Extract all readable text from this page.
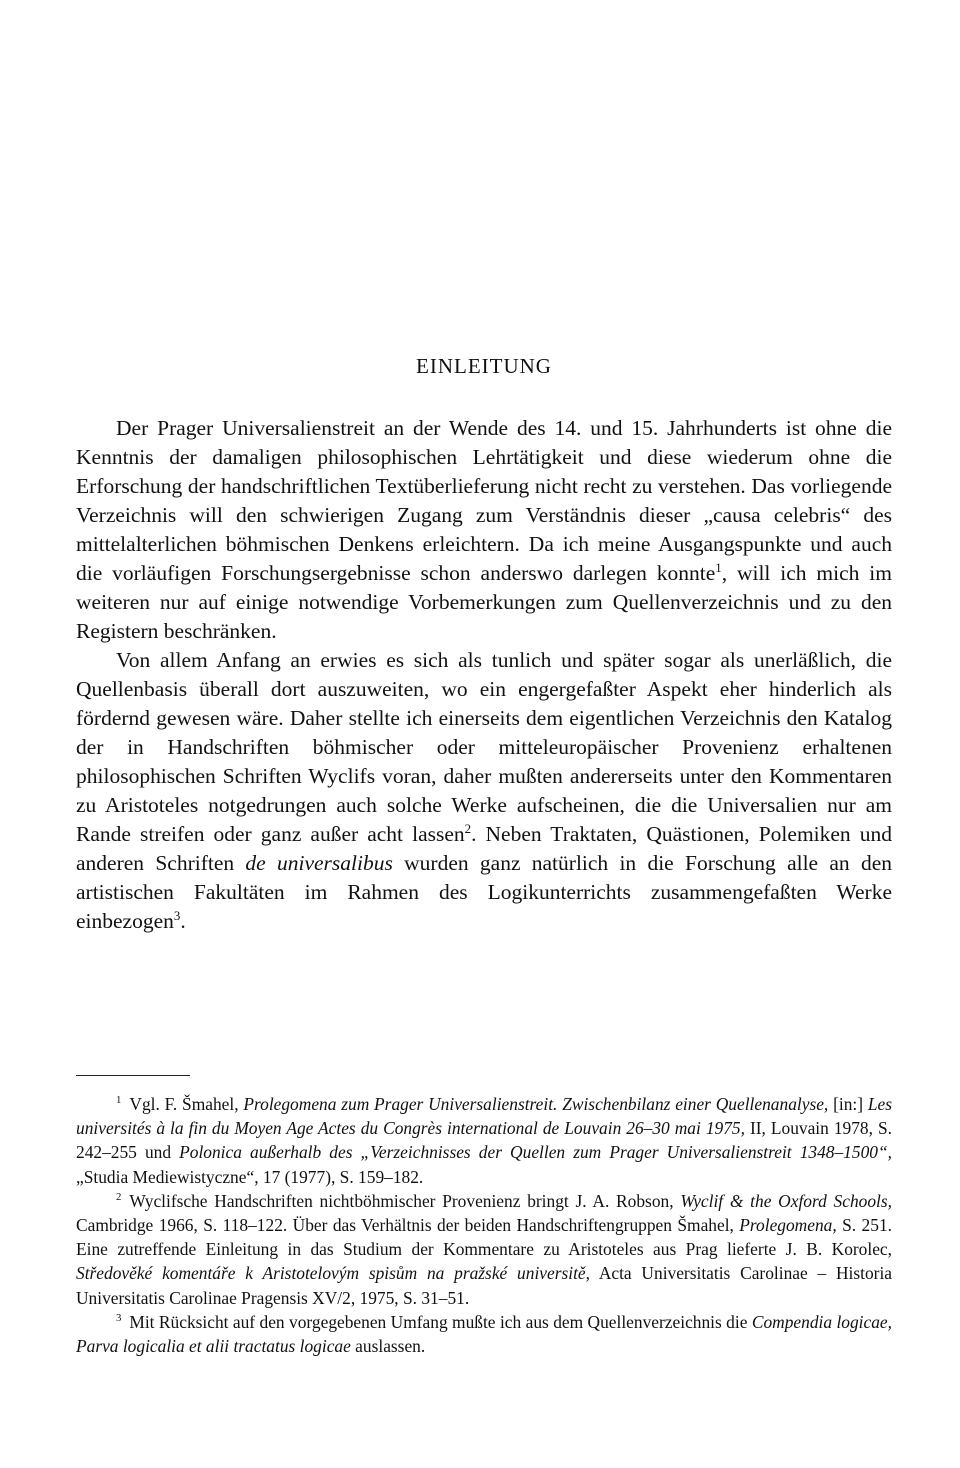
EINLEITUNG

Der Prager Universalienstreit an der Wende des 14. und 15. Jahrhunderts ist ohne die Kenntnis der damaligen philosophischen Lehrtätigkeit und diese wiederum ohne die Erforschung der handschriftlichen Textüberlieferung nicht recht zu verstehen. Das vorliegende Verzeichnis will den schwierigen Zugang zum Verständnis dieser „causa celebris“ des mittelalterlichen böhmischen Denkens erleichtern. Da ich meine Ausgangspunkte und auch die vorläufigen Forschungsergebnisse schon anderswo darlegen konnte$^1$, will ich mich im weiteren nur auf einige notwendige Vorbemerkungen zum Quellenverzeichnis und zu den Registern beschränken.

Von allem Anfang an erwies es sich als tunlich und später sogar als unerläßlich, die Quellenbasis überall dort auszuweiten, wo ein engergefaßter Aspekt eher hinderlich als fördernd gewesen wäre. Daher stellte ich einerseits dem eigentlichen Verzeichnis den Katalog der in Handschriften böhmischer oder mitteleuropäischer Provenienz erhaltenen philosophischen Schriften Wyclifs voran, daher mußten andererseits unter den Kommentaren zu Aristoteles notgedrungen auch solche Werke aufscheinen, die die Universalien nur am Rande streifen oder ganz außer acht lassen$^2$. Neben Traktaten, Quästionen, Polemiken und anderen Schriften de universalibus wurden ganz natürlich in die Forschung alle an den artistischen Fakultäten im Rahmen des Logikunterrichts zusammengefaßten Werke einbezogen$^3$.

$^1$ Vgl. F. Šmahel, Prolegomena zum Prager Universalienstreit. Zwischenbilanz einer Quellenanalyse, [in:] Les universités à la fin du Moyen Age Actes du Congrès international de Louvain 26–30 mai 1975, II, Louvain 1978, S. 242–255 und Polonica außerhalb des „Verzeichnisses der Quellen zum Prager Universalienstreit 1348–1500“, „Studia Mediewistyczne“, 17 (1977), S. 159–182.

$^2$ Wyclifsche Handschriften nichtböhmischer Provenienz bringt J. A. Robson, Wyclif & the Oxford Schools, Cambridge 1966, S. 118–122. Über das Verhältnis der beiden Handschriftengruppen Šmahel, Prolegomena, S. 251. Eine zutreffende Einleitung in das Studium der Kommentare zu Aristoteles aus Prag lieferte J. B. Korolec, Středověké komentáře k Aristotelovým spisům na pražské universitě, Acta Universitatis Carolinae – Historia Universitatis Carolinae Pragensis XV/2, 1975, S. 31–51.

$^3$ Mit Rücksicht auf den vorgegebenen Umfang mußte ich aus dem Quellenverzeichnis die Compendia logicae, Parva logicalia et alii tractatus logicae auslassen.
